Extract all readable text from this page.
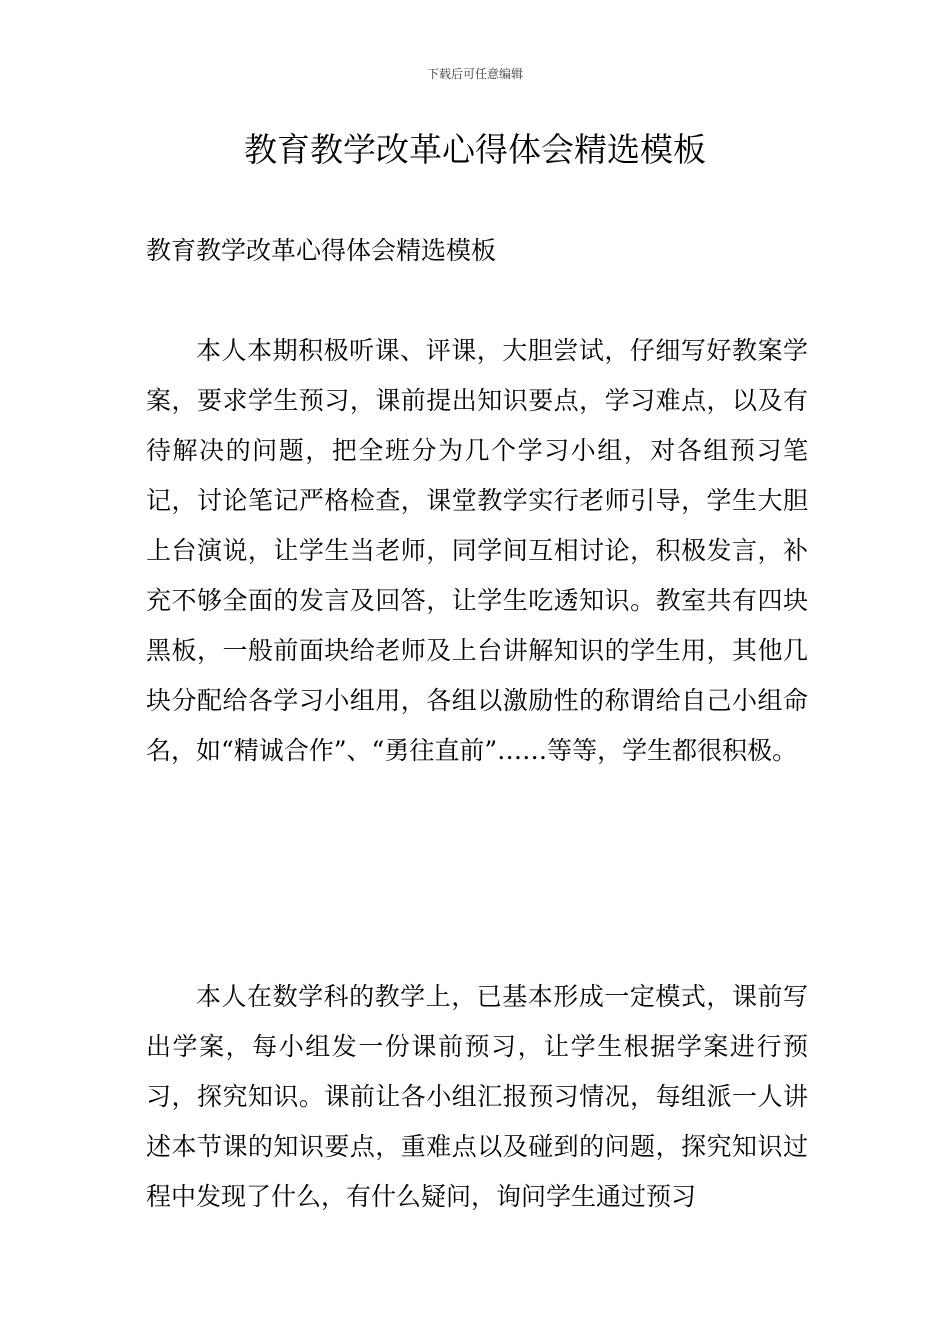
下载后可任意编辑
教育教学改革心得体会精选模板

教育教学改革心得体会精选模板

本人本期积极听课、评课，大胆尝试，仔细写好教案学案，要求学生预习，课前提出知识要点，学习难点，以及有待解决的问题，把全班分为几个学习小组，对各组预习笔记，讨论笔记严格检查，课堂教学实行老师引导，学生大胆上台演说，让学生当老师，同学间互相讨论，积极发言，补充不够全面的发言及回答，让学生吃透知识。教室共有四块黑板，一般前面块给老师及上台讲解知识的学生用，其他几块分配给各学习小组用，各组以激励性的称谓给自己小组命名，如“精诚合作”、“勇往直前”……等等，学生都很积极。

本人在数学科的教学上，已基本形成一定模式，课前写出学案，每小组发一份课前预习，让学生根据学案进行预习，探究知识。课前让各小组汇报预习情况，每组派一人讲述本节课的知识要点，重难点以及碰到的问题，探究知识过程中发现了什么，有什么疑问，询问学生通过预习
